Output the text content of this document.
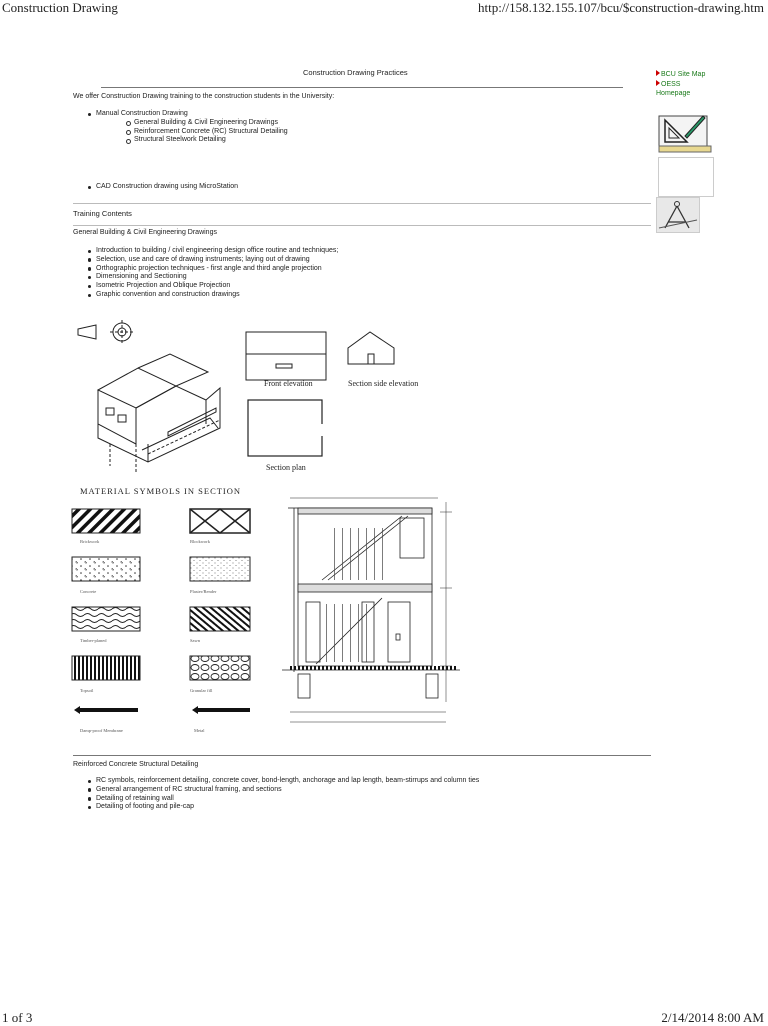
Construction Drawing	http://158.132.155.107/bcu/$construction-drawing.htm
1 of 3	2/14/2014 8:00 AM
Construction Drawing Practices
We offer Construction Drawing training to the construction students in the University:
Manual Construction Drawing
General Building & Civil Engineering Drawings
Reinforcement Concrete (RC) Structural Detailing
Structural Steelwork Detailing
CAD Construction drawing using MicroStation
Training Contents
General Building & Civil Engineering Drawings
Introduction to building / civil engineering design office routine and techniques;
Selection, use and care of drawing instruments; laying out of drawing
Orthographic projection techniques - first angle and third angle projection
Dimensioning and Sectioning
Isometric Projection and Oblique Projection
Graphic convention and construction drawings
Front elevation	Section side elevation
Section plan
MATERIAL SYMBOLS IN SECTION
Brickwork	Blockwork
Concrete	Plaster/Render
Timber-planed	Sawn
Topsoil	Granular fill
Damp-proof Membrane	Metal
Reinforced Concrete Structural Detailing
RC symbols, reinforcement detailing, concrete cover, bond-length, anchorage and lap length, beam-stirrups and column ties
General arrangement of RC structural framing, and sections
Detailing of retaining wall
Detailing of footing and pile-cap
BCU Site Map
OESS
Homepage
